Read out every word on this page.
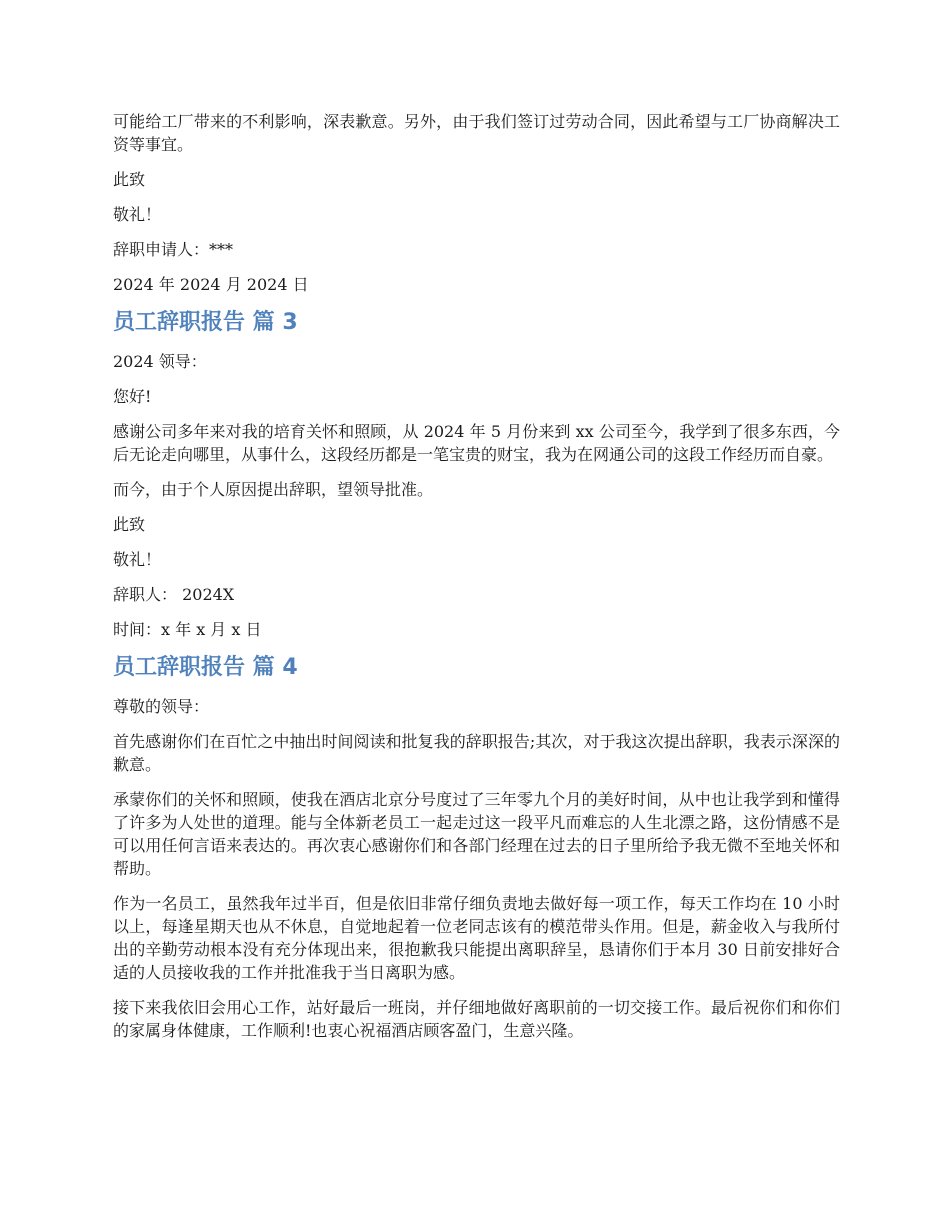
可能给工厂带来的不利影响，深表歉意。另外，由于我们签订过劳动合同，因此希望与工厂协商解决工资等事宜。

此致

敬礼！

辞职申请人：***

2024 年 2024 月 2024 日

员工辞职报告 篇 3

2024 领导：

您好!

感谢公司多年来对我的培育关怀和照顾，从 2024 年 5 月份来到 xx 公司至今，我学到了很多东西，今后无论走向哪里，从事什么，这段经历都是一笔宝贵的财宝，我为在网通公司的这段工作经历而自豪。

而今，由于个人原因提出辞职，望领导批准。

此致

敬礼！

辞职人： 2024X

时间：x 年 x 月 x 日

员工辞职报告 篇 4

尊敬的领导：

首先感谢你们在百忙之中抽出时间阅读和批复我的辞职报告;其次，对于我这次提出辞职，我表示深深的歉意。

承蒙你们的关怀和照顾，使我在酒店北京分号度过了三年零九个月的美好时间，从中也让我学到和懂得了许多为人处世的道理。能与全体新老员工一起走过这一段平凡而难忘的人生北漂之路，这份情感不是可以用任何言语来表达的。再次衷心感谢你们和各部门经理在过去的日子里所给予我无微不至地关怀和帮助。

作为一名员工，虽然我年过半百，但是依旧非常仔细负责地去做好每一项工作，每天工作均在 10 小时以上，每逢星期天也从不休息，自觉地起着一位老同志该有的模范带头作用。但是，薪金收入与我所付出的辛勤劳动根本没有充分体现出来，很抱歉我只能提出离职辞呈，恳请你们于本月 30 日前安排好合适的人员接收我的工作并批准我于当日离职为感。

接下来我依旧会用心工作，站好最后一班岗，并仔细地做好离职前的一切交接工作。最后祝你们和你们的家属身体健康，工作顺利!也衷心祝福酒店顾客盈门，生意兴隆。
